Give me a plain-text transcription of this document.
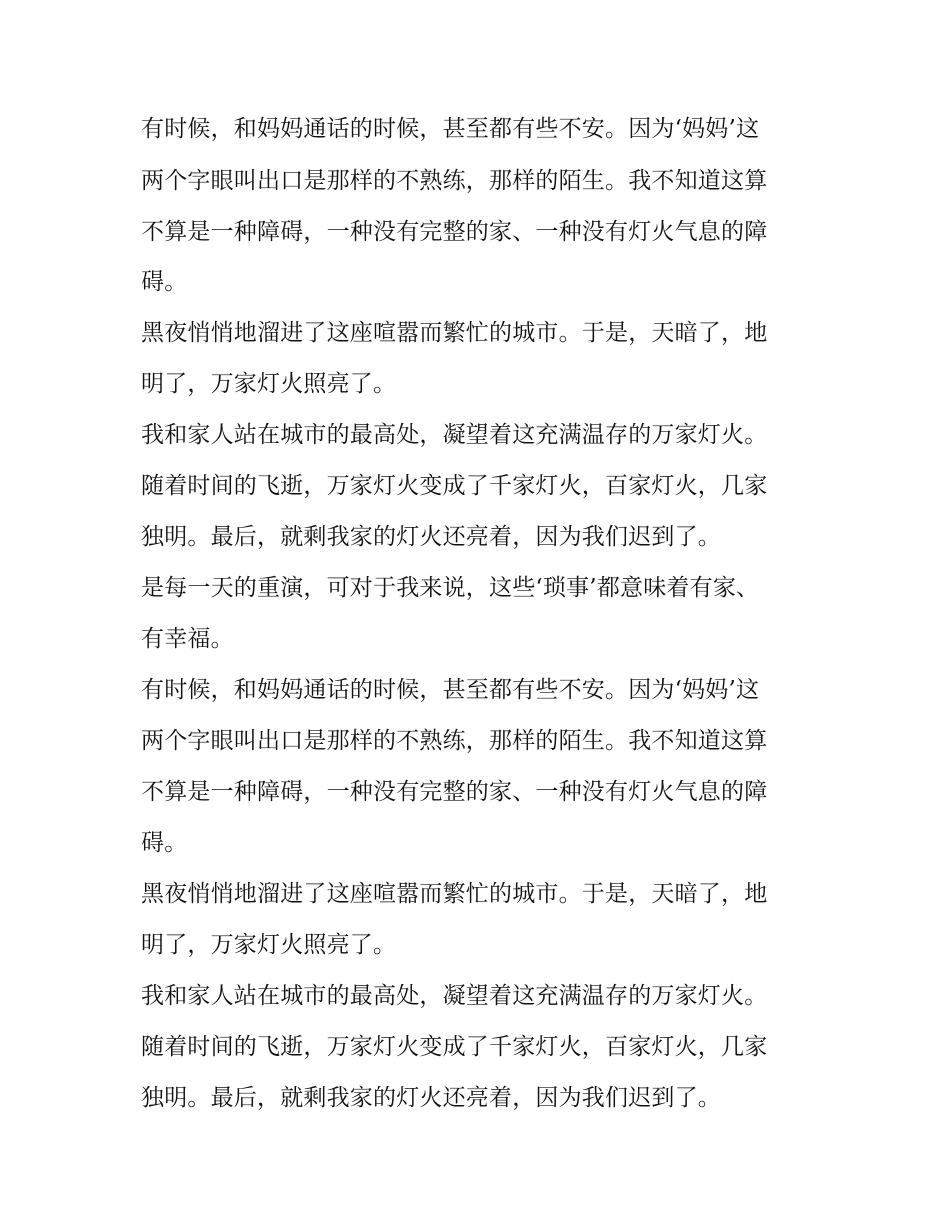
有时候，和妈妈通话的时候，甚至都有些不安。因为‘妈妈’这

两个字眼叫出口是那样的不熟练，那样的陌生。我不知道这算

不算是一种障碍，一种没有完整的家、一种没有灯火气息的障

碍。

黑夜悄悄地溜进了这座喧嚣而繁忙的城市。于是，天暗了，地

明了，万家灯火照亮了。

我和家人站在城市的最高处，凝望着这充满温存的万家灯火。

随着时间的飞逝，万家灯火变成了千家灯火，百家灯火，几家

独明。最后，就剩我家的灯火还亮着，因为我们迟到了。

是每一天的重演，可对于我来说，这些‘琐事’都意味着有家、

有幸福。

有时候，和妈妈通话的时候，甚至都有些不安。因为‘妈妈’这

两个字眼叫出口是那样的不熟练，那样的陌生。我不知道这算

不算是一种障碍，一种没有完整的家、一种没有灯火气息的障

碍。

黑夜悄悄地溜进了这座喧嚣而繁忙的城市。于是，天暗了，地

明了，万家灯火照亮了。

我和家人站在城市的最高处，凝望着这充满温存的万家灯火。

随着时间的飞逝，万家灯火变成了千家灯火，百家灯火，几家

独明。最后，就剩我家的灯火还亮着，因为我们迟到了。
